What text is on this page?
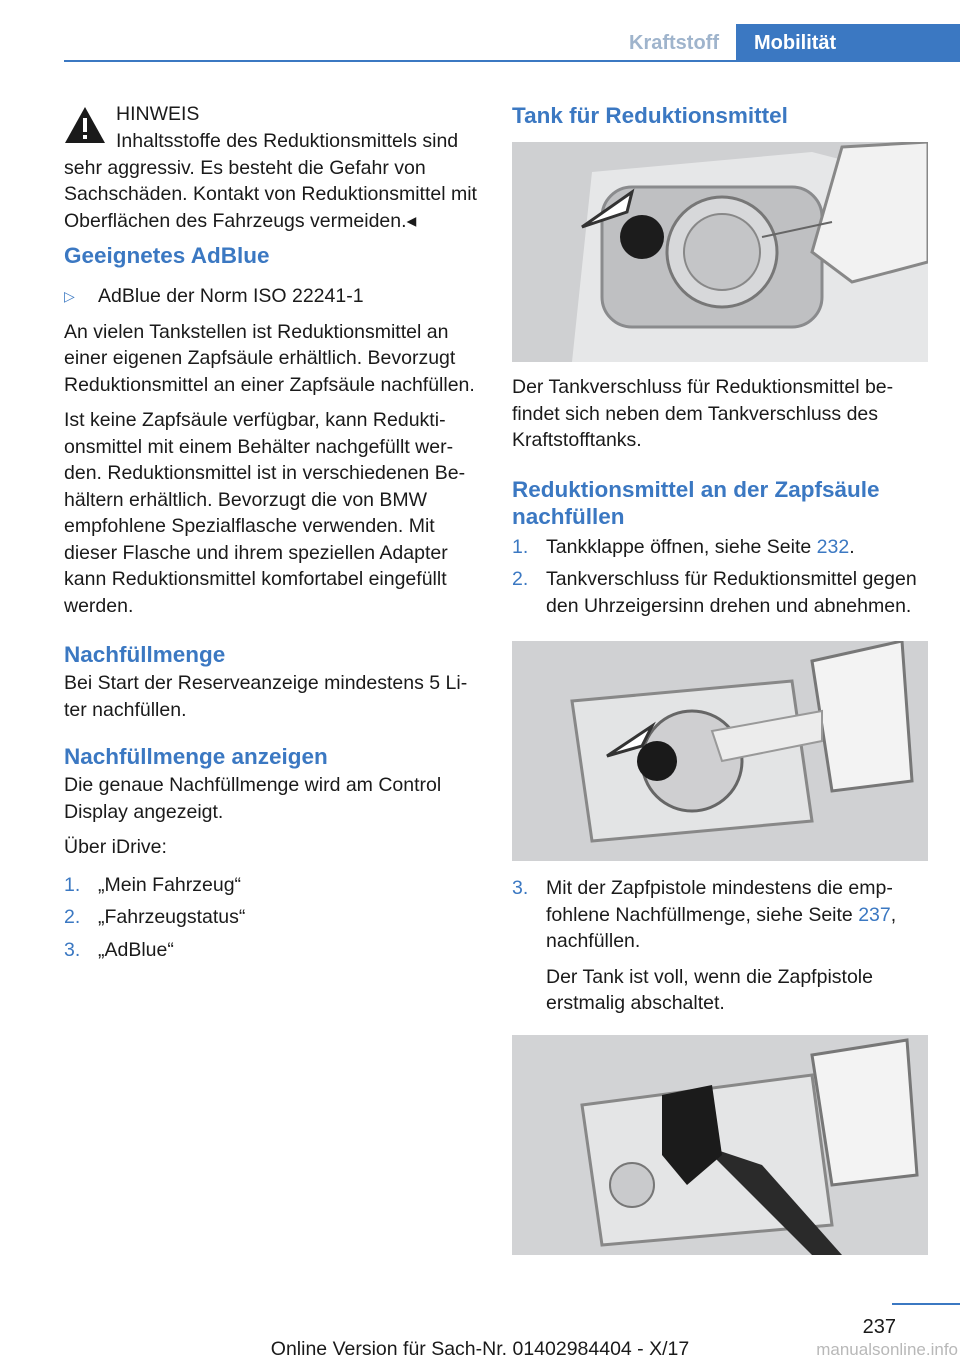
Kraftstoff	Mobilität
HINWEIS

Inhaltsstoffe des Reduktionsmittels sind

sehr aggressiv. Es besteht die Gefahr von Sachschäden. Kontakt von Reduktionsmittel mit Oberflächen des Fahrzeugs vermeiden.◂

Geeignetes AdBlue
▷	AdBlue der Norm ISO 22241-1

An vielen Tankstellen ist Reduktionsmittel an einer eigenen Zapfsäule erhältlich. Bevorzugt Reduktionsmittel an einer Zapfsäule nachfüllen.

Ist keine Zapfsäule verfügbar, kann Reduktionsmittel mit einem Behälter nachgefüllt werden. Reduktionsmittel ist in verschiedenen Behältern erhältlich. Bevorzugt die von BMW empfohlene Spezialflasche verwenden. Mit dieser Flasche und ihrem speziellen Adapter kann Reduktionsmittel komfortabel eingefüllt werden.

Nachfüllmenge

Bei Start der Reserveanzeige mindestens 5 Liter nachfüllen.

Nachfüllmenge anzeigen

Die genaue Nachfüllmenge wird am Control Display angezeigt.

Über iDrive:

1. „Mein Fahrzeug“

2. „Fahrzeugstatus“

3. „AdBlue“

Tank für Reduktionsmittel

Der Tankverschluss für Reduktionsmittel befindet sich neben dem Tankverschluss des Kraftstofftanks.

Reduktionsmittel an der Zapfsäule nachfüllen
1. Tankklappe öffnen, siehe Seite 232.

2. Tankverschluss für Reduktionsmittel gegen den Uhrzeigersinn drehen und abnehmen.

3. Mit der Zapfpistole mindestens die empfohlene Nachfüllmenge, siehe Seite 237, nachfüllen.

Der Tank ist voll, wenn die Zapfpistole erstmalig abschaltet.

237
Online Version für Sach-Nr. 01402984404 - X/17	manualsonline.info
